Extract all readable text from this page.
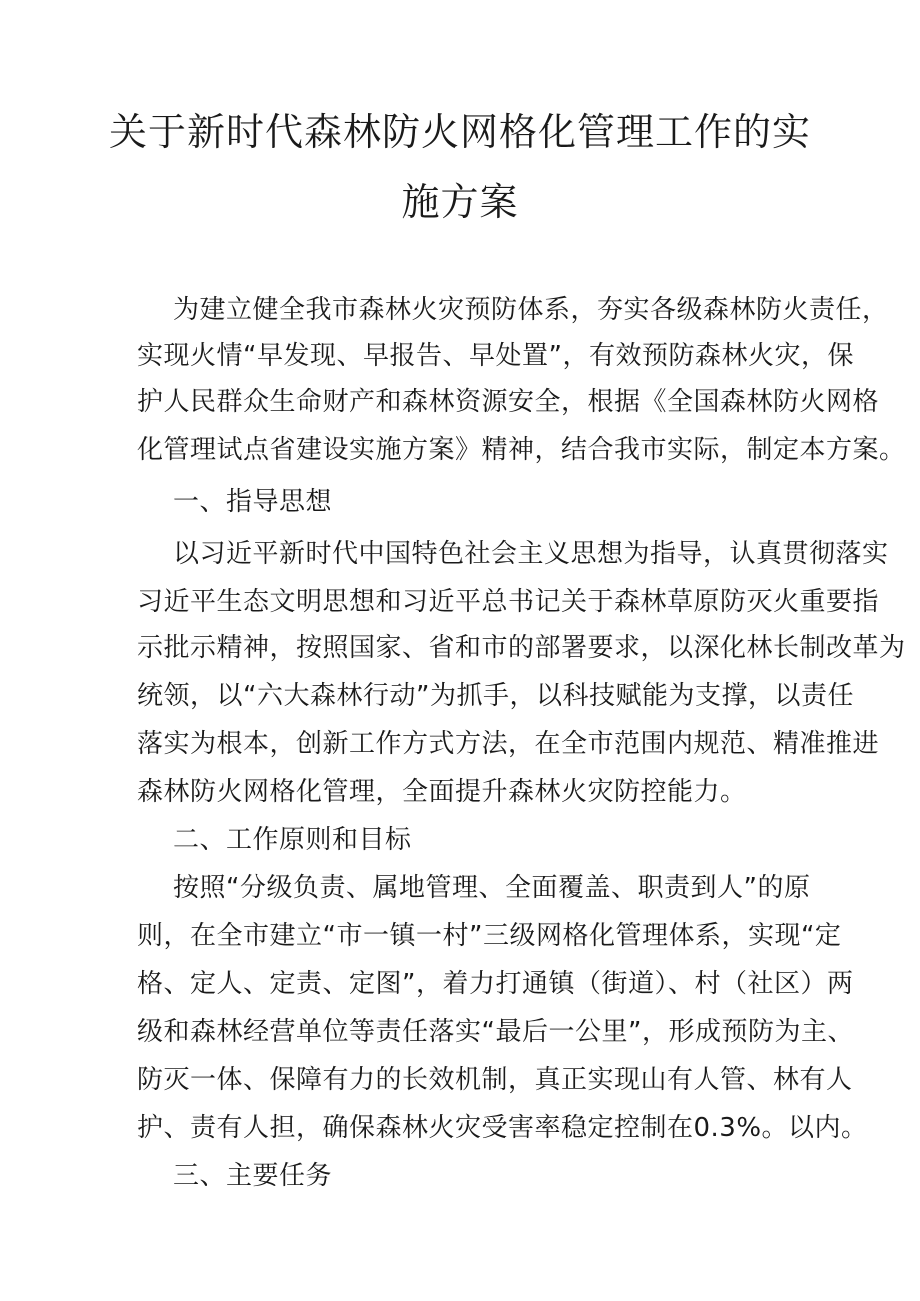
关于新时代森林防火网格化管理工作的实
施方案
为建立健全我市森林火灾预防体系，夯实各级森林防火责任，
实现火情“早发现、早报告、早处置”，有效预防森林火灾，保
护人民群众生命财产和森林资源安全，根据《全国森林防火网格
化管理试点省建设实施方案》精神，结合我市实际，制定本方案。
一、指导思想
以习近平新时代中国特色社会主义思想为指导，认真贯彻落实
习近平生态文明思想和习近平总书记关于森林草原防灭火重要指
示批示精神，按照国家、省和市的部署要求，以深化林长制改革为
统领，以“六大森林行动”为抓手，以科技赋能为支撑，以责任
落实为根本，创新工作方式方法，在全市范围内规范、精准推进
森林防火网格化管理，全面提升森林火灾防控能力。
二、工作原则和目标
按照“分级负责、属地管理、全面覆盖、职责到人”的原
则，在全市建立“市一镇一村”三级网格化管理体系，实现“定
格、定人、定责、定图”，着力打通镇（街道）、村（社区）两
级和森林经营单位等责任落实“最后一公里”，形成预防为主、
防灭一体、保障有力的长效机制，真正实现山有人管、林有人
护、责有人担，确保森林火灾受害率稳定控制在0.3%。以内。
三、主要任务
